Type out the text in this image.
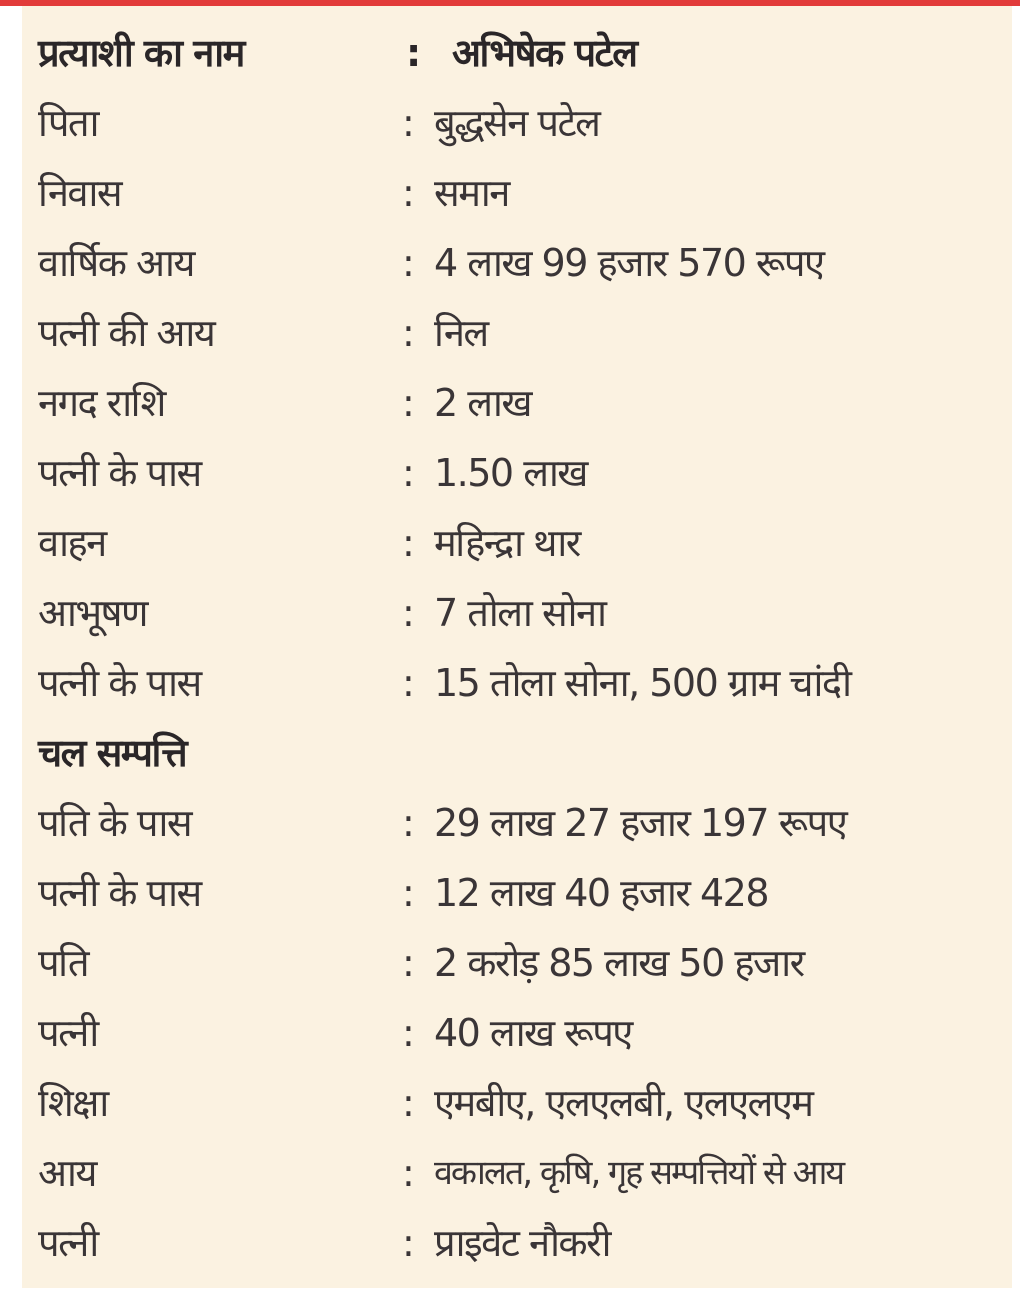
प्रत्याशी का नाम	: अभिषेक पटेल
पिता	: बुद्धसेन पटेल
निवास	: समान
वार्षिक आय	: 4 लाख 99 हजार 570 रूपए
पत्नी की आय	: निल
नगद राशि	: 2 लाख
पत्नी के पास	: 1.50 लाख
वाहन	: महिन्द्रा थार
आभूषण	: 7 तोला सोना
पत्नी के पास	: 15 तोला सोना, 500 ग्राम चांदी
चल सम्पत्ति
पति के पास	: 29 लाख 27 हजार 197 रूपए
पत्नी के पास	: 12 लाख 40 हजार 428
पति	: 2 करोड़ 85 लाख 50 हजार
पत्नी	: 40 लाख रूपए
शिक्षा	: एमबीए, एलएलबी, एलएलएम
आय	: वकालत, कृषि, गृह सम्पत्तियों से आय
पत्नी	: प्राइवेट नौकरी
